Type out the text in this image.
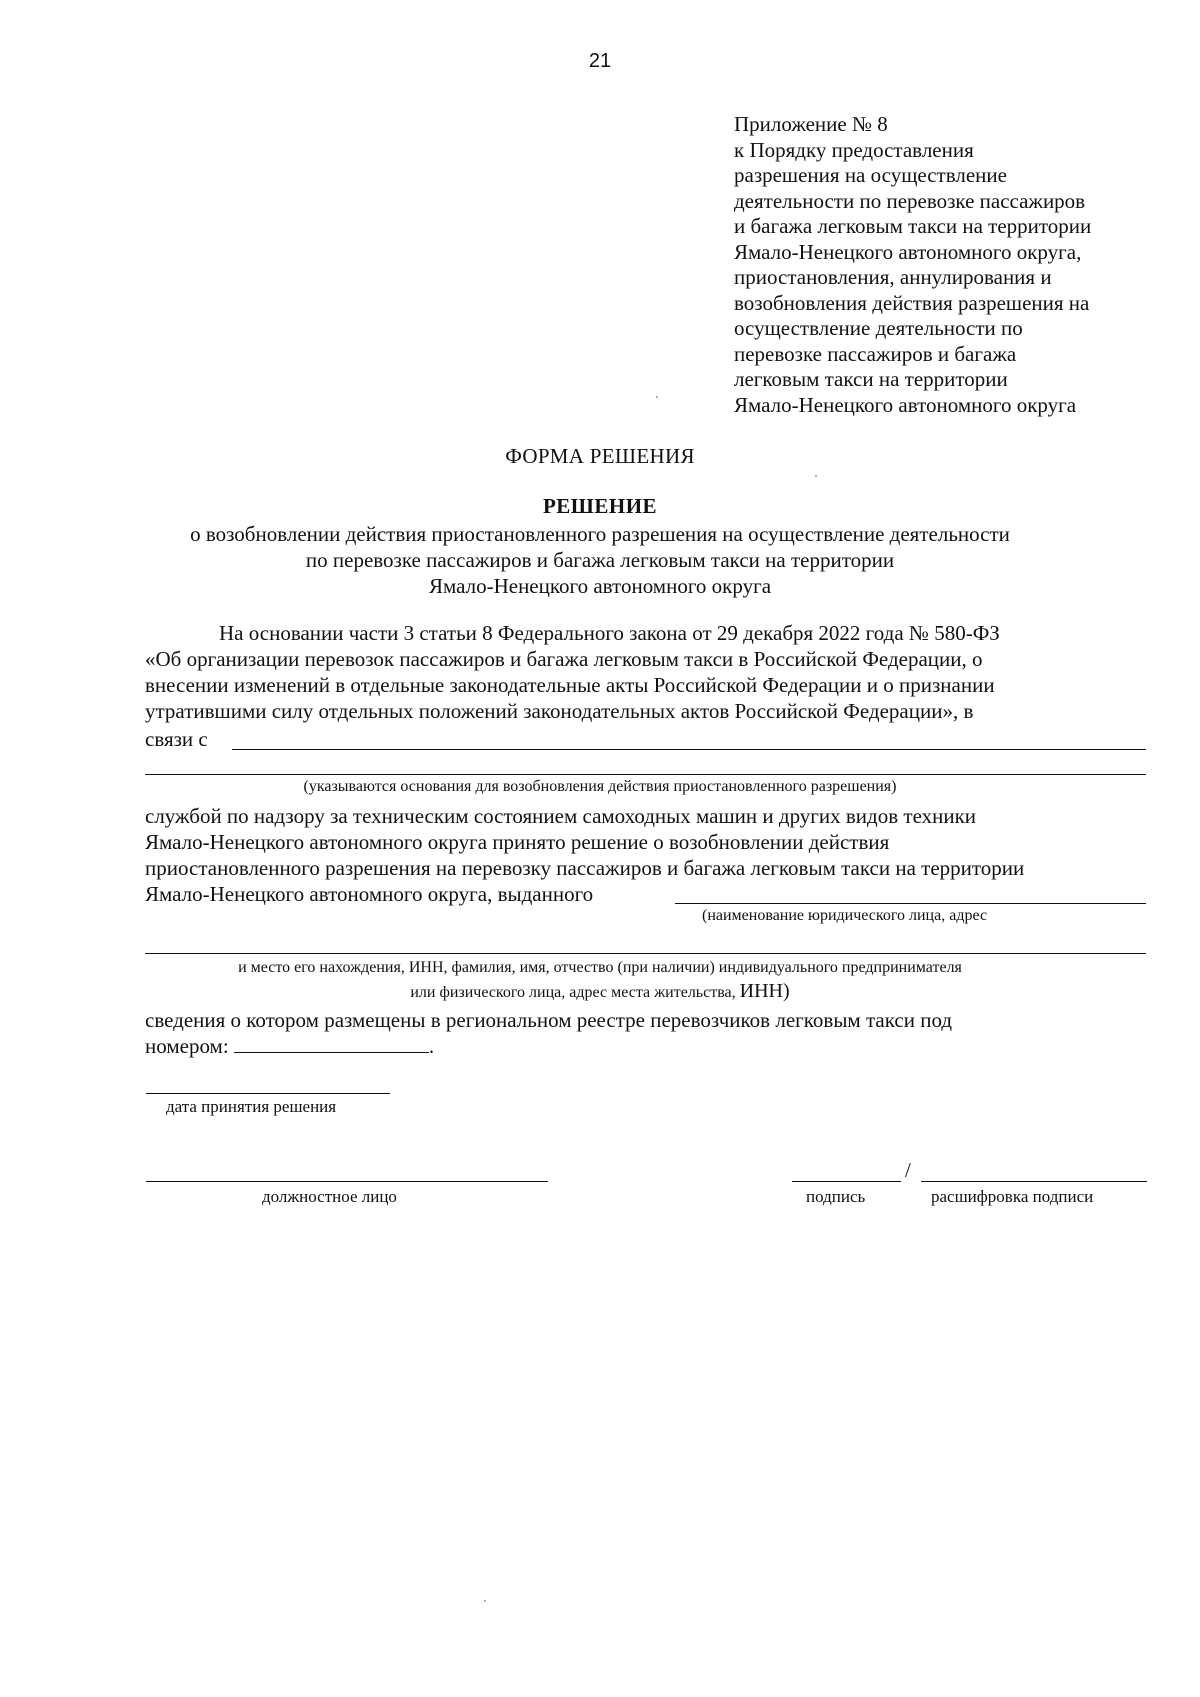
21
Приложение № 8
к Порядку предоставления
разрешения на осуществление
деятельности по перевозке пассажиров
и багажа легковым такси на территории
Ямало-Ненецкого автономного округа,
приостановления, аннулирования и
возобновления действия разрешения на
осуществление деятельности по
перевозке пассажиров и багажа
легковым такси на территории
Ямало-Ненецкого автономного округа
ФОРМА РЕШЕНИЯ
РЕШЕНИЕ
о возобновлении действия приостановленного разрешения на осуществление деятельности
по перевозке пассажиров и багажа легковым такси на территории
Ямало-Ненецкого автономного округа
На основании части 3 статьи 8 Федерального закона от 29 декабря 2022 года № 580-ФЗ
«Об организации перевозок пассажиров и багажа легковым такси в Российской Федерации, о
внесении изменений в отдельные законодательные акты Российской Федерации и о признании
утратившими силу отдельных положений законодательных актов Российской Федерации», в
связи с
(указываются основания для возобновления действия приостановленного разрешения)
службой по надзору за техническим состоянием самоходных машин и других видов техники
Ямало-Ненецкого автономного округа принято решение о возобновлении действия
приостановленного разрешения на перевозку пассажиров и багажа легковым такси на территории
Ямало-Ненецкого автономного округа, выданного
(наименование юридического лица, адрес
и место его нахождения, ИНН, фамилия, имя, отчество (при наличии) индивидуального предпринимателя
или физического лица, адрес места жительства, ИНН)
сведения о котором размещены в региональном реестре перевозчиков легковым такси под
номером:	.
дата принятия решения
должностное лицо
/
подпись	расшифровка подписи
